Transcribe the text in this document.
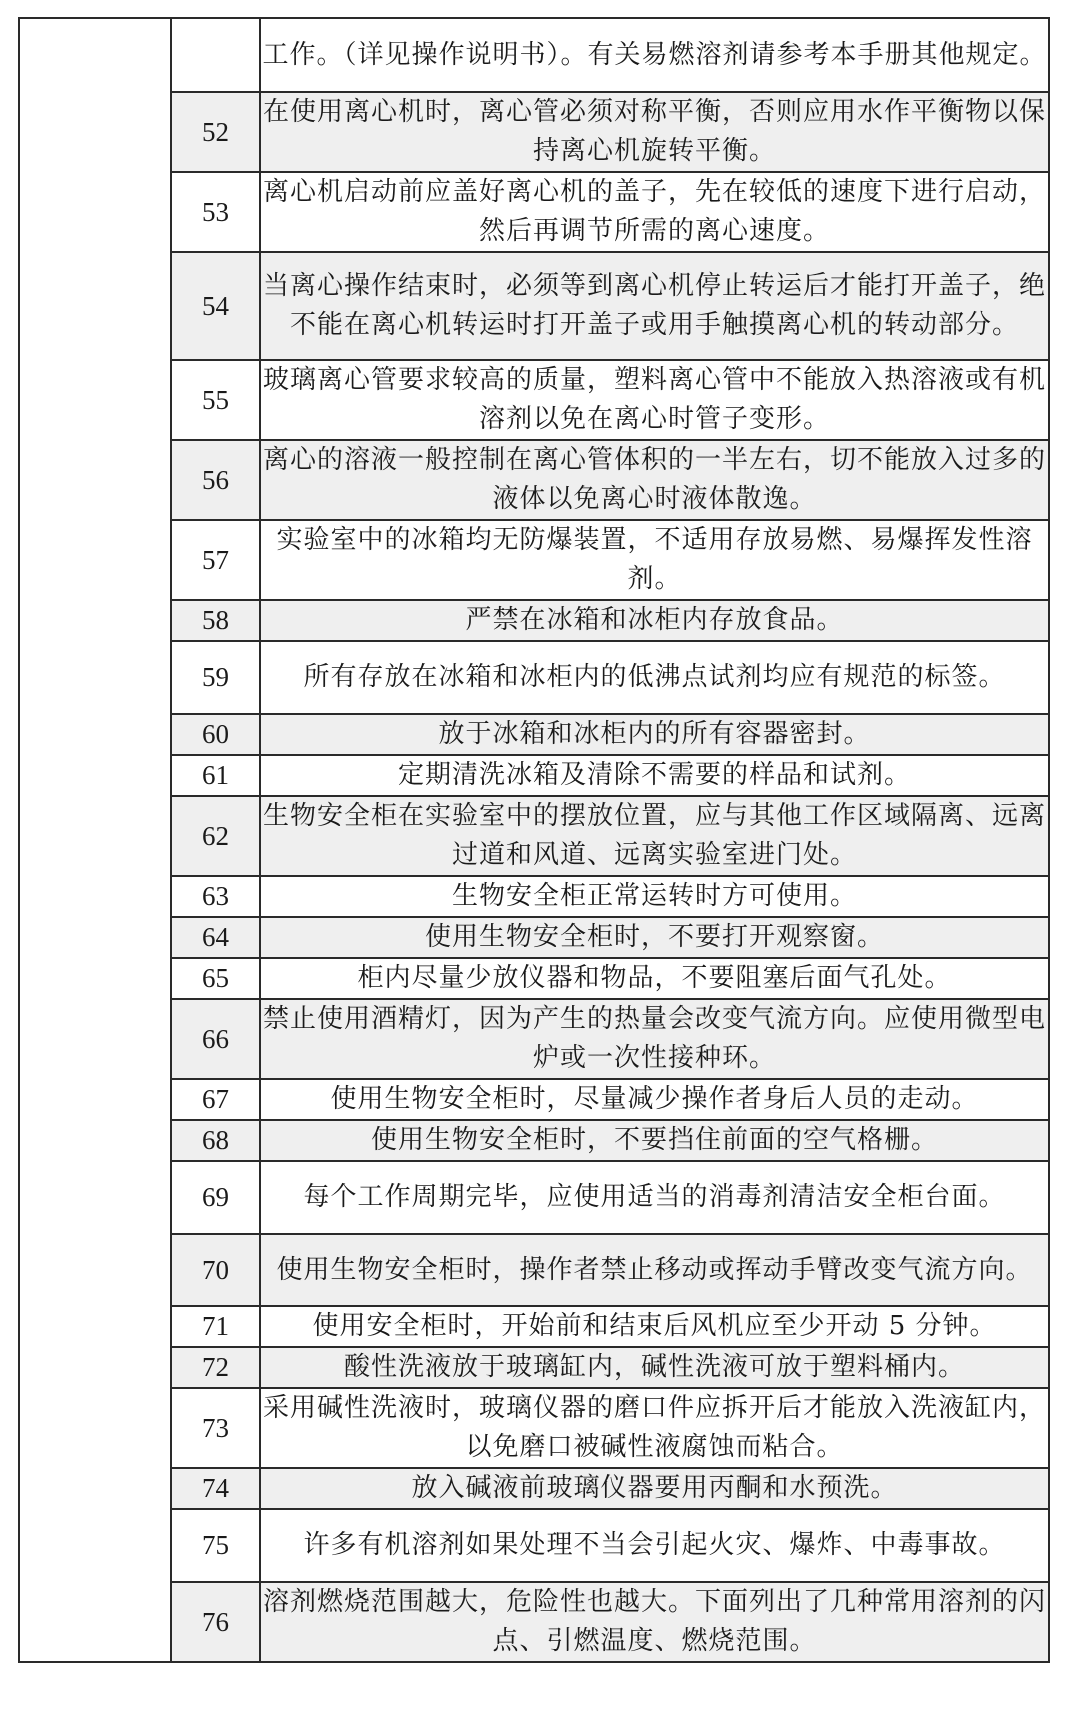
		工作。（详见操作说明书）。有关易燃溶剂请参考本手册其他规定。
	52	在使用离心机时，离心管必须对称平衡，否则应用水作平衡物以保持离心机旋转平衡。
	53	离心机启动前应盖好离心机的盖子，先在较低的速度下进行启动，然后再调节所需的离心速度。
	54	当离心操作结束时，必须等到离心机停止转运后才能打开盖子，绝不能在离心机转运时打开盖子或用手触摸离心机的转动部分。
	55	玻璃离心管要求较高的质量，塑料离心管中不能放入热溶液或有机溶剂以免在离心时管子变形。
	56	离心的溶液一般控制在离心管体积的一半左右，切不能放入过多的液体以免离心时液体散逸。
	57	实验室中的冰箱均无防爆装置，不适用存放易燃、易爆挥发性溶剂。
	58	严禁在冰箱和冰柜内存放食品。
	59	所有存放在冰箱和冰柜内的低沸点试剂均应有规范的标签。
	60	放于冰箱和冰柜内的所有容器密封。
	61	定期清洗冰箱及清除不需要的样品和试剂。
	62	生物安全柜在实验室中的摆放位置，应与其他工作区域隔离、远离过道和风道、远离实验室进门处。
	63	生物安全柜正常运转时方可使用。
	64	使用生物安全柜时，不要打开观察窗。
	65	柜内尽量少放仪器和物品，不要阻塞后面气孔处。
	66	禁止使用酒精灯，因为产生的热量会改变气流方向。应使用微型电炉或一次性接种环。
	67	使用生物安全柜时，尽量减少操作者身后人员的走动。
	68	使用生物安全柜时，不要挡住前面的空气格栅。
	69	每个工作周期完毕，应使用适当的消毒剂清洁安全柜台面。
	70	使用生物安全柜时，操作者禁止移动或挥动手臂改变气流方向。
	71	使用安全柜时，开始前和结束后风机应至少开动 5 分钟。
	72	酸性洗液放于玻璃缸内，碱性洗液可放于塑料桶内。
	73	采用碱性洗液时，玻璃仪器的磨口件应拆开后才能放入洗液缸内，以免磨口被碱性液腐蚀而粘合。
	74	放入碱液前玻璃仪器要用丙酮和水预洗。
	75	许多有机溶剂如果处理不当会引起火灾、爆炸、中毒事故。
	76	溶剂燃烧范围越大，危险性也越大。下面列出了几种常用溶剂的闪点、引燃温度、燃烧范围。
